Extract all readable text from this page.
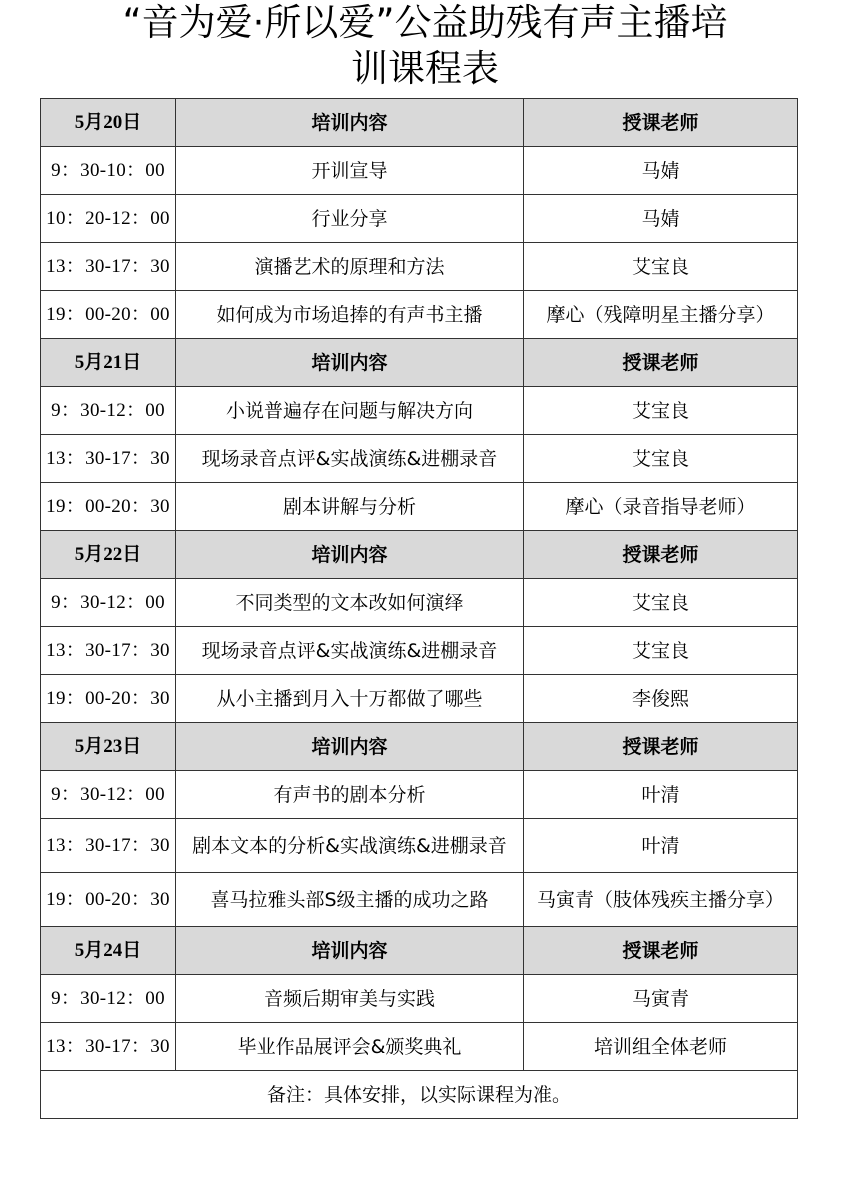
“音为爱·所以爱”公益助残有声主播培
训课程表
5月20日	培训内容	授课老师
9：30-10：00	开训宣导	马婧
10：20-12：00	行业分享	马婧
13：30-17：30	演播艺术的原理和方法	艾宝良
19：00-20：00	如何成为市场追捧的有声书主播	摩心（残障明星主播分享）
5月21日	培训内容	授课老师
9：30-12：00	小说普遍存在问题与解决方向	艾宝良
13：30-17：30	现场录音点评&实战演练&进棚录音	艾宝良
19：00-20：30	剧本讲解与分析	摩心（录音指导老师）
5月22日	培训内容	授课老师
9：30-12：00	不同类型的文本改如何演绎	艾宝良
13：30-17：30	现场录音点评&实战演练&进棚录音	艾宝良
19：00-20：30	从小主播到月入十万都做了哪些	李俊熙
5月23日	培训内容	授课老师
9：30-12：00	有声书的剧本分析	叶清
13：30-17：30	剧本文本的分析&实战演练&进棚录音	叶清
19：00-20：30	喜马拉雅头部S级主播的成功之路	马寅青（肢体残疾主播分享）
5月24日	培训内容	授课老师
9：30-12：00	音频后期审美与实践	马寅青
13：30-17：30	毕业作品展评会&颁奖典礼	培训组全体老师
备注：具体安排，以实际课程为准。		
